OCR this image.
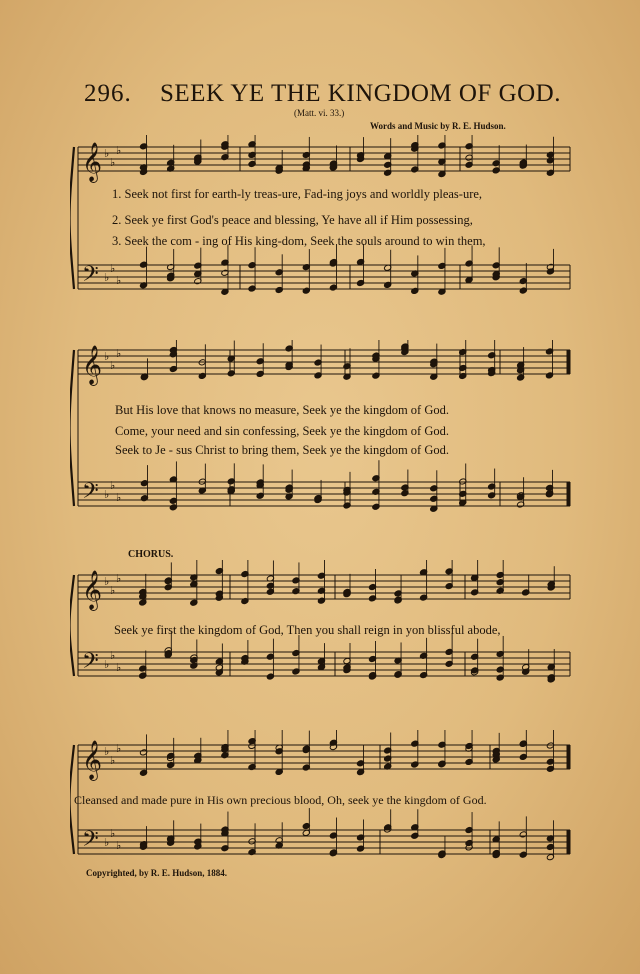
296. SEEK YE THE KINGDOM OF GOD.
(Matt. vi. 33.)
Words and Music by R. E. Hudson.
𝄞
𝄢
♭
♭
♭
♭
♭
♭
1. Seek not first for earth-ly treas-ure, Fad-ing joys and worldly pleas-ure,
2. Seek ye first God's peace and blessing, Ye have all if Him possessing,
3. Seek the com - ing of His king-dom, Seek the souls around to win them,
𝄞
𝄢
♭
♭
♭
♭
♭
♭
But His love that knows no measure, Seek ye the kingdom of God.
Come, your need and sin confessing, Seek ye the kingdom of God.
Seek to Je - sus Christ to bring them, Seek ye the kingdom of God.
CHORUS.
𝄞
𝄢
♭
♭
♭
♭
♭
♭
Seek ye first the kingdom of God, Then you shall reign in yon blissful abode,
𝄞
𝄢
♭
♭
♭
♭
♭
♭
Cleansed and made pure in His own precious blood, Oh, seek ye the kingdom of God.
Copyrighted, by R. E. Hudson, 1884.
